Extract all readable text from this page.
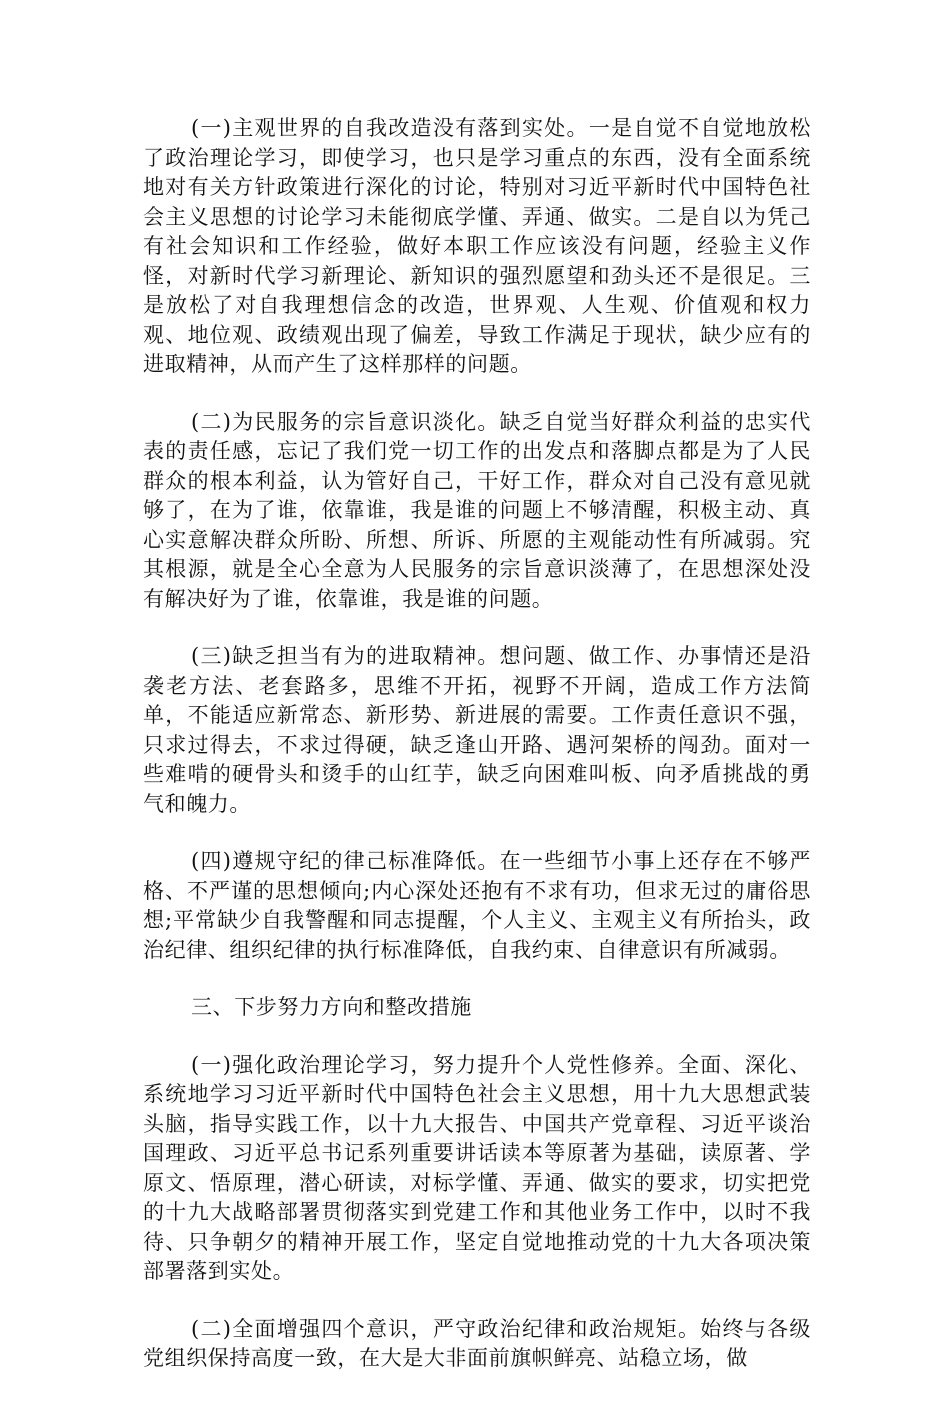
(一)主观世界的自我改造没有落到实处。一是自觉不自觉地放松了政治理论学习，即使学习，也只是学习重点的东西，没有全面系统地对有关方针政策进行深化的讨论，特别对习近平新时代中国特色社会主义思想的讨论学习未能彻底学懂、弄通、做实。二是自以为凭己有社会知识和工作经验，做好本职工作应该没有问题，经验主义作怪，对新时代学习新理论、新知识的强烈愿望和劲头还不是很足。三是放松了对自我理想信念的改造，世界观、人生观、价值观和权力观、地位观、政绩观出现了偏差，导致工作满足于现状，缺少应有的进取精神，从而产生了这样那样的问题。

(二)为民服务的宗旨意识淡化。缺乏自觉当好群众利益的忠实代表的责任感，忘记了我们党一切工作的出发点和落脚点都是为了人民群众的根本利益，认为管好自己，干好工作，群众对自己没有意见就够了，在为了谁，依靠谁，我是谁的问题上不够清醒，积极主动、真心实意解决群众所盼、所想、所诉、所愿的主观能动性有所减弱。究其根源，就是全心全意为人民服务的宗旨意识淡薄了，在思想深处没有解决好为了谁，依靠谁，我是谁的问题。

(三)缺乏担当有为的进取精神。想问题、做工作、办事情还是沿袭老方法、老套路多，思维不开拓，视野不开阔，造成工作方法简单，不能适应新常态、新形势、新进展的需要。工作责任意识不强，只求过得去，不求过得硬，缺乏逢山开路、遇河架桥的闯劲。面对一些难啃的硬骨头和烫手的山红芋，缺乏向困难叫板、向矛盾挑战的勇气和魄力。

(四)遵规守纪的律己标准降低。在一些细节小事上还存在不够严格、不严谨的思想倾向;内心深处还抱有不求有功，但求无过的庸俗思想;平常缺少自我警醒和同志提醒，个人主义、主观主义有所抬头，政治纪律、组织纪律的执行标准降低，自我约束、自律意识有所减弱。

三、下步努力方向和整改措施

(一)强化政治理论学习，努力提升个人党性修养。全面、深化、系统地学习习近平新时代中国特色社会主义思想，用十九大思想武装头脑，指导实践工作，以十九大报告、中国共产党章程、习近平谈治国理政、习近平总书记系列重要讲话读本等原著为基础，读原著、学原文、悟原理，潜心研读，对标学懂、弄通、做实的要求，切实把党的十九大战略部署贯彻落实到党建工作和其他业务工作中，以时不我待、只争朝夕的精神开展工作，坚定自觉地推动党的十九大各项决策部署落到实处。

(二)全面增强四个意识，严守政治纪律和政治规矩。始终与各级党组织保持高度一致，在大是大非面前旗帜鲜亮、站稳立场，做
